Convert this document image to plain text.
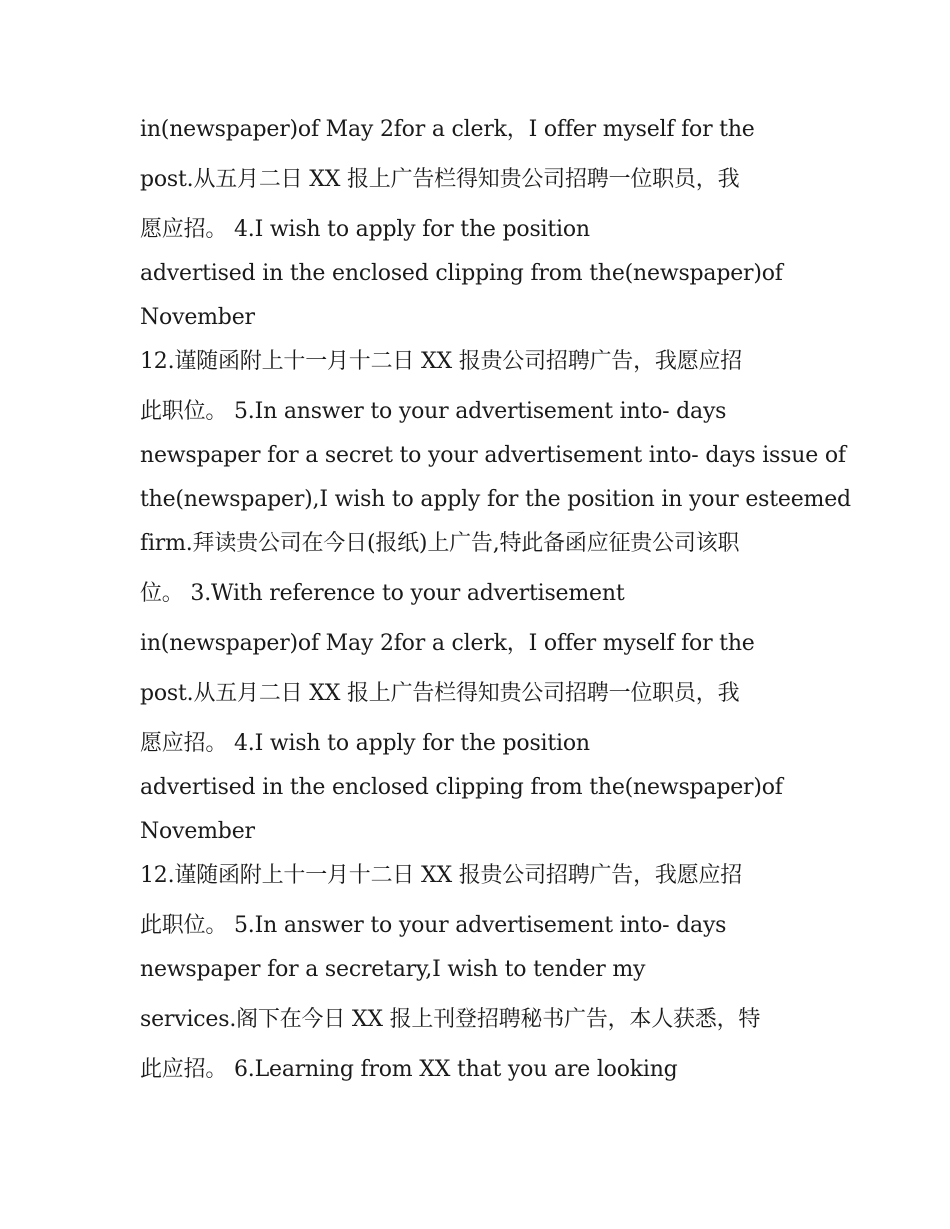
in(newspaper)of May 2for a clerk，I offer myself for the
post.从五月二日 XX 报上广告栏得知贵公司招聘一位职员，我
愿应招。 4.I wish to apply for the position
advertised in the enclosed clipping from the(newspaper)of
November
12.谨随函附上十一月十二日 XX 报贵公司招聘广告，我愿应招
此职位。 5.In answer to your advertisement into- days
newspaper for a secret to your advertisement into- days issue of
the(newspaper),I wish to apply for the position in your esteemed
firm.拜读贵公司在今日(报纸)上广告,特此备函应征贵公司该职
位。 3.With reference to your advertisement
in(newspaper)of May 2for a clerk，I offer myself for the
post.从五月二日 XX 报上广告栏得知贵公司招聘一位职员，我
愿应招。 4.I wish to apply for the position
advertised in the enclosed clipping from the(newspaper)of
November
12.谨随函附上十一月十二日 XX 报贵公司招聘广告，我愿应招
此职位。 5.In answer to your advertisement into- days
newspaper for a secretary,I wish to tender my
services.阁下在今日 XX 报上刊登招聘秘书广告，本人获悉，特
此应招。 6.Learning from XX that you are looking
